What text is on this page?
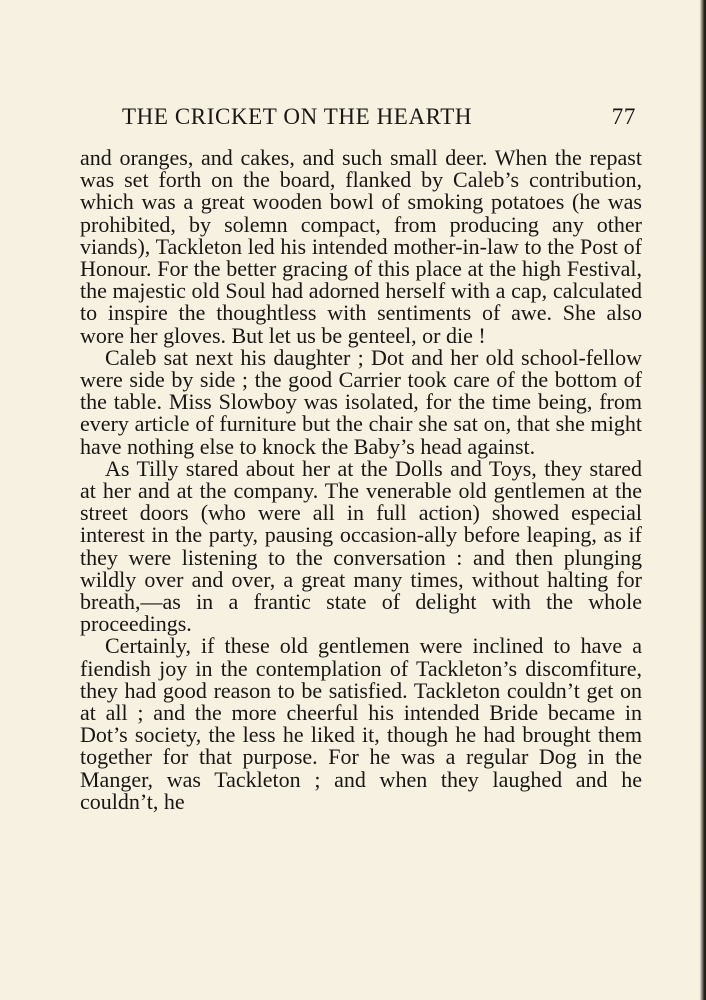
THE CRICKET ON THE HEARTH	77

and oranges, and cakes, and such small deer. When the repast was set forth on the board, flanked by Caleb’s contribution, which was a great wooden bowl of smoking potatoes (he was prohibited, by solemn compact, from producing any other viands), Tackleton led his intended mother-in-law to the Post of Honour. For the better gracing of this place at the high Festival, the majestic old Soul had adorned herself with a cap, calculated to inspire the thoughtless with sentiments of awe. She also wore her gloves. But let us be genteel, or die !

Caleb sat next his daughter ; Dot and her old school-fellow were side by side ; the good Carrier took care of the bottom of the table. Miss Slowboy was isolated, for the time being, from every article of furniture but the chair she sat on, that she might have nothing else to knock the Baby’s head against.

As Tilly stared about her at the Dolls and Toys, they stared at her and at the company. The venerable old gentlemen at the street doors (who were all in full action) showed especial interest in the party, pausing occasion-ally before leaping, as if they were listening to the conversation : and then plunging wildly over and over, a great many times, without halting for breath,—as in a frantic state of delight with the whole proceedings.

Certainly, if these old gentlemen were inclined to have a fiendish joy in the contemplation of Tackleton’s discomfiture, they had good reason to be satisfied. Tackleton couldn’t get on at all ; and the more cheerful his intended Bride became in Dot’s society, the less he liked it, though he had brought them together for that purpose. For he was a regular Dog in the Manger, was Tackleton ; and when they laughed and he couldn’t, he
